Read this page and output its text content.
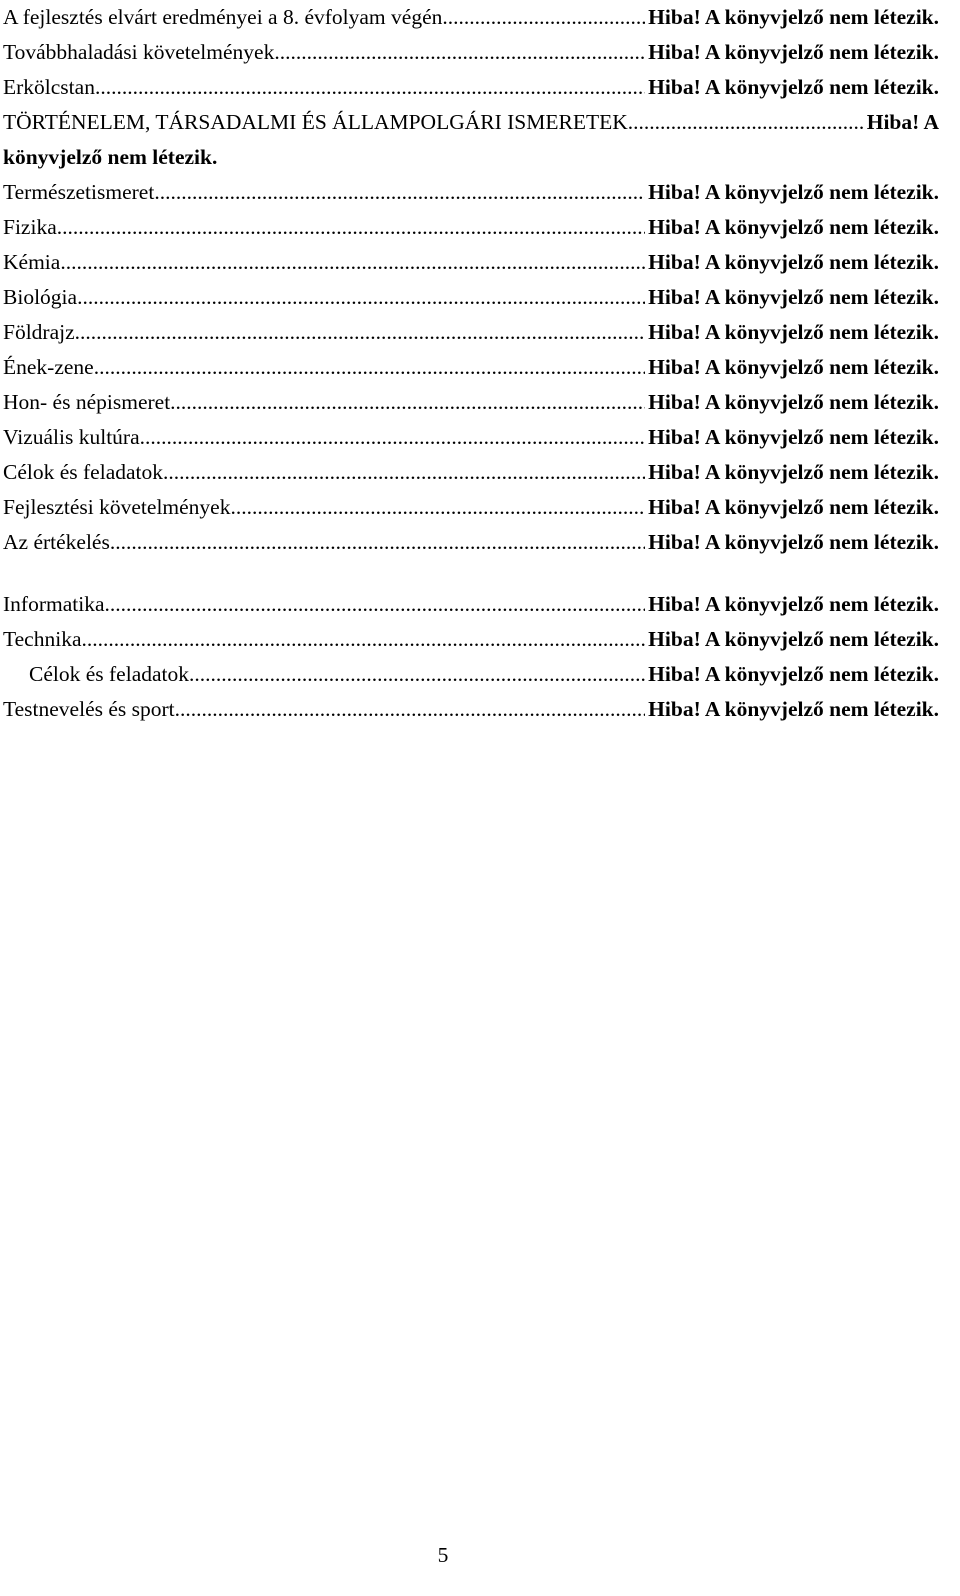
A fejlesztés elvárt eredményei a 8. évfolyam végén .....	Hiba! A könyvjelző nem létezik.
Továbbhaladási követelmények .....	Hiba! A könyvjelző nem létezik.
Erkölcstan .....	Hiba! A könyvjelző nem létezik.
TÖRTÉNELEM, TÁRSADALMI ÉS ÁLLAMPOLGÁRI ISMERETEK .....	Hiba! A
könyvjelző nem létezik.
Természetismeret .....	Hiba! A könyvjelző nem létezik.
Fizika .....	Hiba! A könyvjelző nem létezik.
Kémia .....	Hiba! A könyvjelző nem létezik.
Biológia .....	Hiba! A könyvjelző nem létezik.
Földrajz .....	Hiba! A könyvjelző nem létezik.
Ének-zene .....	Hiba! A könyvjelző nem létezik.
Hon- és népismeret .....	Hiba! A könyvjelző nem létezik.
Vizuális kultúra .....	Hiba! A könyvjelző nem létezik.
Célok és feladatok .....	Hiba! A könyvjelző nem létezik.
Fejlesztési követelmények .....	Hiba! A könyvjelző nem létezik.
Az értékelés .....	Hiba! A könyvjelző nem létezik.
Informatika .....	Hiba! A könyvjelző nem létezik.
Technika .....	Hiba! A könyvjelző nem létezik.
Célok és feladatok .....	Hiba! A könyvjelző nem létezik.
Testnevelés és sport .....	Hiba! A könyvjelző nem létezik.
5
